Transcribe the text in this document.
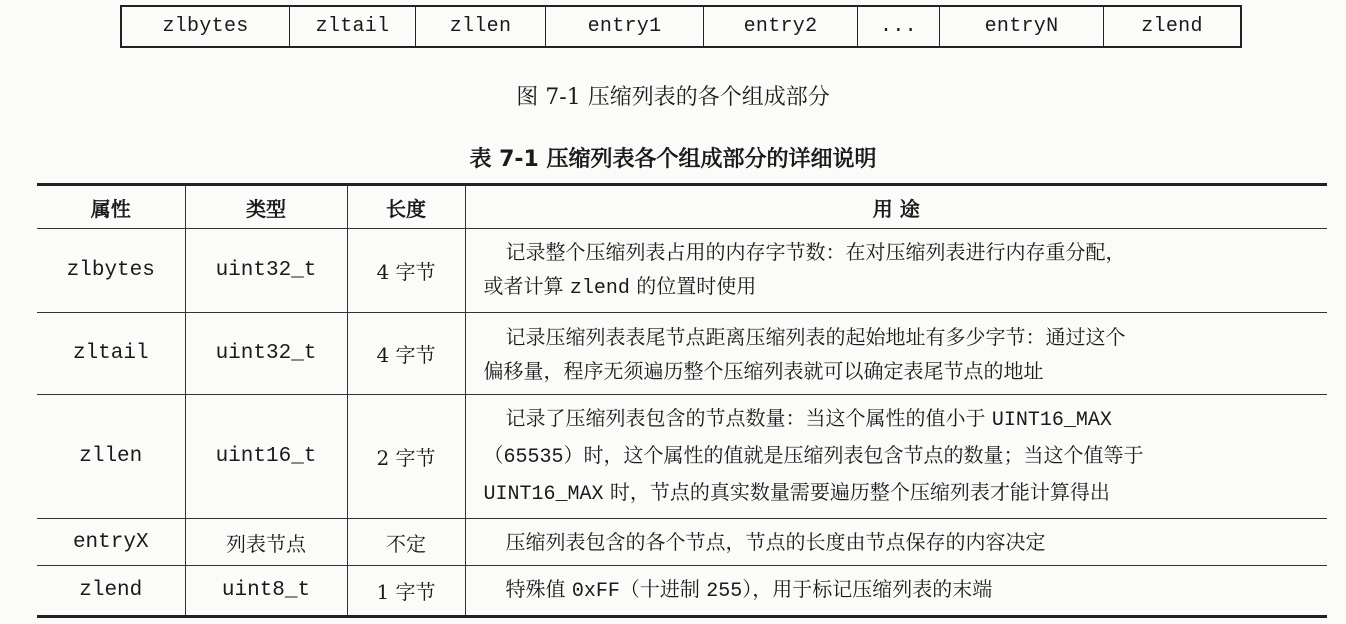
zlbytes	zltail	zllen	entry1	entry2	...	entryN	zlend
图 7-1 压缩列表的各个组成部分
表 7-1 压缩列表各个组成部分的详细说明
属性	类型	长度	用 途
zlbytes	uint32_t	4 字节	记录整个压缩列表占用的内存字节数：在对压缩列表进行内存重分配，
或者计算 zlend 的位置时使用

zltail	uint32_t	4 字节	记录压缩列表表尾节点距离压缩列表的起始地址有多少字节：通过这个
偏移量，程序无须遍历整个压缩列表就可以确定表尾节点的地址

zllen	uint16_t	2 字节	记录了压缩列表包含的节点数量：当这个属性的值小于 UINT16_MAX
（65535）时，这个属性的值就是压缩列表包含节点的数量；当这个值等于
UINT16_MAX 时，节点的真实数量需要遍历整个压缩列表才能计算得出

entryX	列表节点	不定	压缩列表包含的各个节点，节点的长度由节点保存的内容决定

zlend	uint8_t	1 字节	特殊值 0xFF（十进制 255），用于标记压缩列表的末端
